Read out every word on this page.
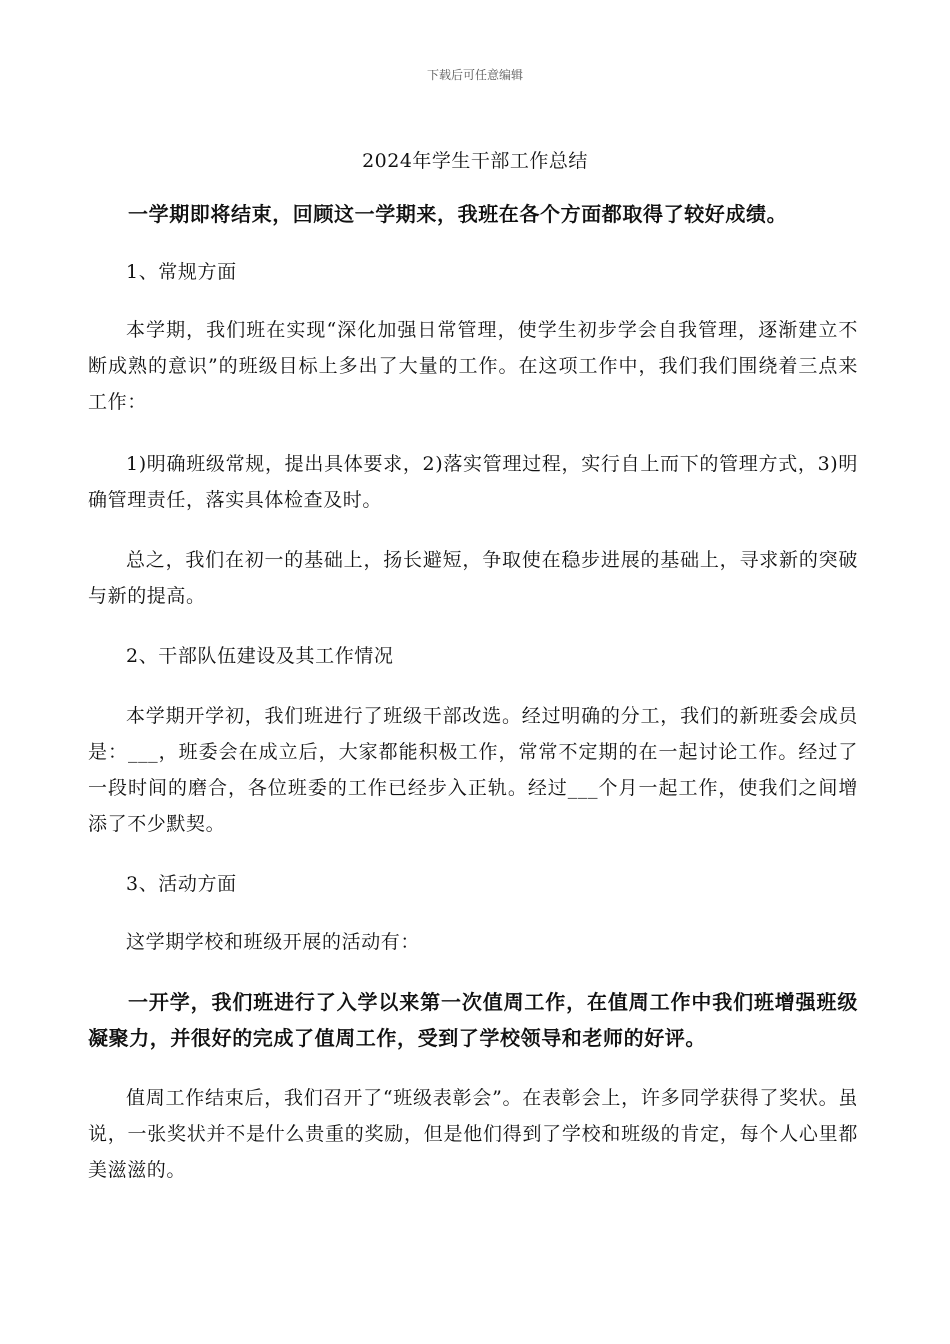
下载后可任意编辑
2024年学生干部工作总结

一学期即将结束，回顾这一学期来，我班在各个方面都取得了较好成绩。

1、常规方面

本学期，我们班在实现“深化加强日常管理，使学生初步学会自我管理，逐渐建立不断成熟的意识”的班级目标上多出了大量的工作。在这项工作中，我们我们围绕着三点来工作：

1)明确班级常规，提出具体要求，2)落实管理过程，实行自上而下的管理方式，3)明确管理责任，落实具体检查及时。

总之，我们在初一的基础上，扬长避短，争取使在稳步进展的基础上，寻求新的突破与新的提高。

2、干部队伍建设及其工作情况

本学期开学初，我们班进行了班级干部改选。经过明确的分工，我们的新班委会成员是：___，班委会在成立后，大家都能积极工作，常常不定期的在一起讨论工作。经过了一段时间的磨合，各位班委的工作已经步入正轨。经过___个月一起工作，使我们之间增添了不少默契。

3、活动方面

这学期学校和班级开展的活动有：

一开学，我们班进行了入学以来第一次值周工作，在值周工作中我们班增强班级凝聚力，并很好的完成了值周工作，受到了学校领导和老师的好评。

值周工作结束后，我们召开了“班级表彰会”。在表彰会上，许多同学获得了奖状。虽说，一张奖状并不是什么贵重的奖励，但是他们得到了学校和班级的肯定，每个人心里都美滋滋的。
